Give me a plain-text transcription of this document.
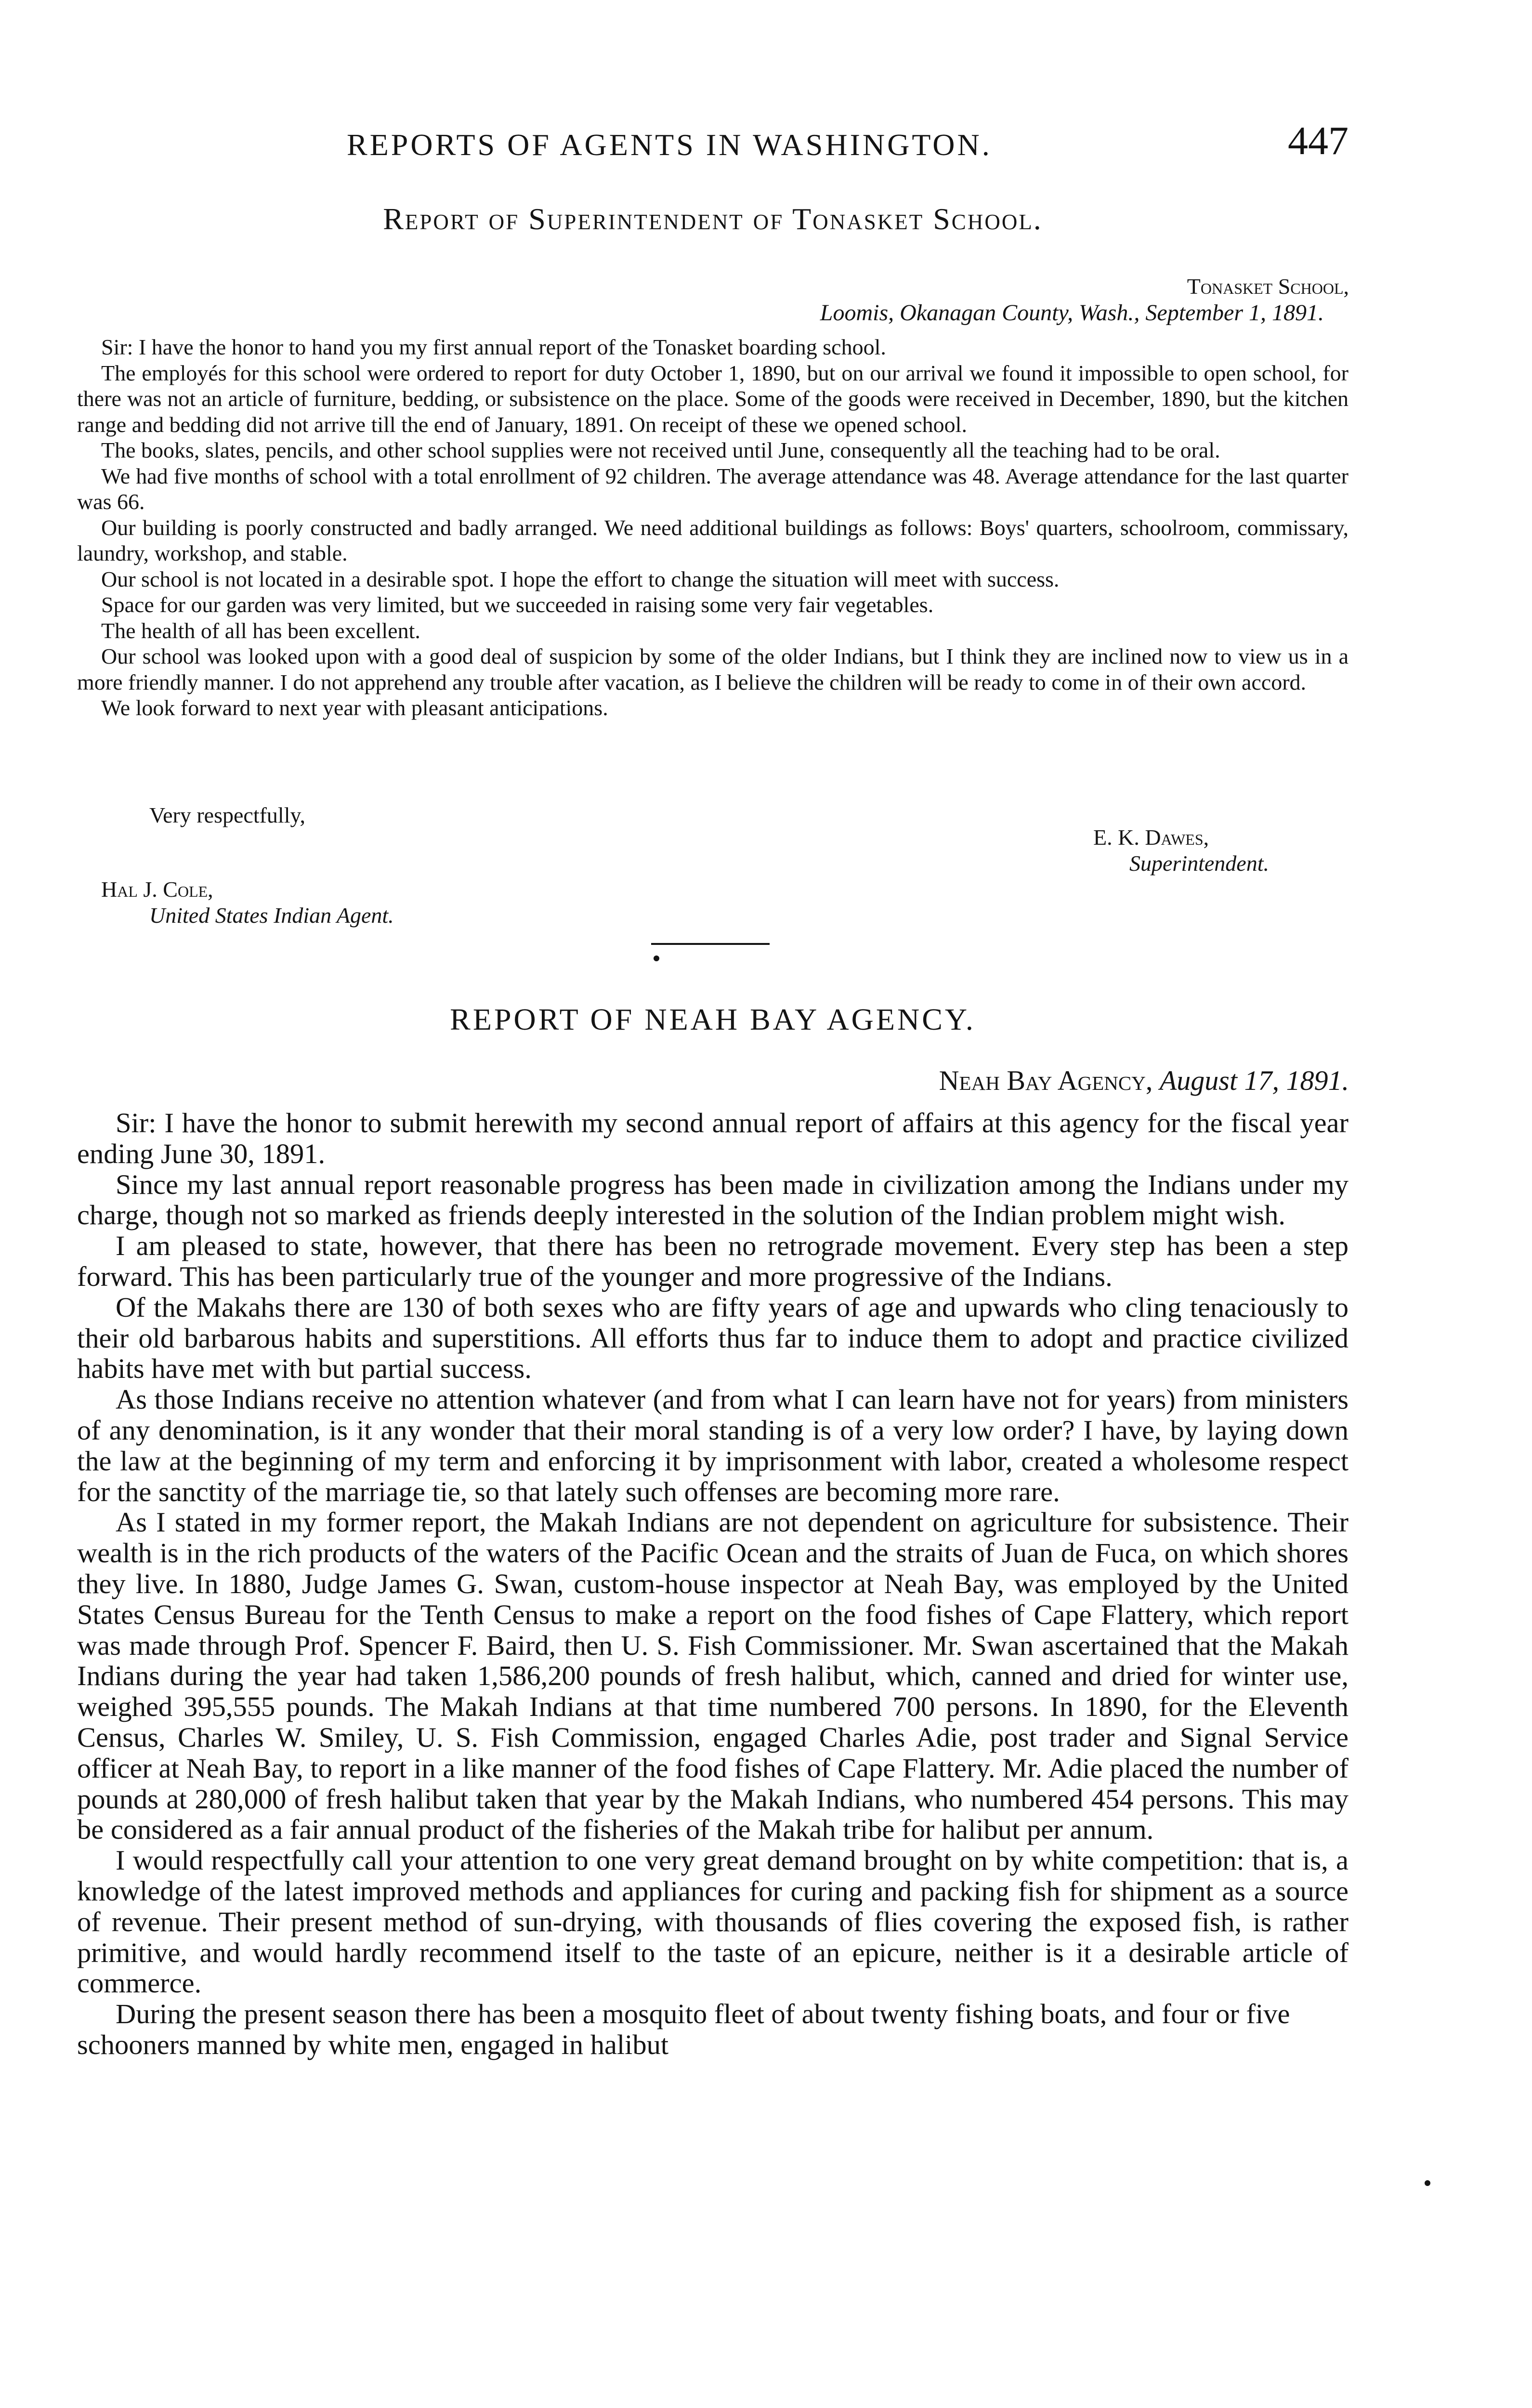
REPORTS OF AGENTS IN WASHINGTON.	447
Report of Superintendent of Tonasket School.
Tonasket School,
Loomis, Okanagan County, Wash., September 1, 1891.

Sir: I have the honor to hand you my first annual report of the Tonasket boarding school.

The employés for this school were ordered to report for duty October 1, 1890, but on our arrival we found it impossible to open school, for there was not an article of furniture, bedding, or subsistence on the place. Some of the goods were received in December, 1890, but the kitchen range and bedding did not arrive till the end of January, 1891. On receipt of these we opened school.

The books, slates, pencils, and other school supplies were not received until June, consequently all the teaching had to be oral.

We had five months of school with a total enrollment of 92 children. The average attendance was 48. Average attendance for the last quarter was 66.

Our building is poorly constructed and badly arranged. We need additional buildings as follows: Boys' quarters, schoolroom, commissary, laundry, workshop, and stable.

Our school is not located in a desirable spot. I hope the effort to change the situation will meet with success.

Space for our garden was very limited, but we succeeded in raising some very fair vegetables.

The health of all has been excellent.

Our school was looked upon with a good deal of suspicion by some of the older Indians, but I think they are inclined now to view us in a more friendly manner. I do not apprehend any trouble after vacation, as I believe the children will be ready to come in of their own accord.

We look forward to next year with pleasant anticipations.

Very respectfully,
E. K. Dawes,
Superintendent.
Hal J. Cole,
United States Indian Agent.
REPORT OF NEAH BAY AGENCY.
Neah Bay Agency, August 17, 1891.

Sir: I have the honor to submit herewith my second annual report of affairs at this agency for the fiscal year ending June 30, 1891.

Since my last annual report reasonable progress has been made in civilization among the Indians under my charge, though not so marked as friends deeply interested in the solution of the Indian problem might wish.

I am pleased to state, however, that there has been no retrograde movement. Every step has been a step forward. This has been particularly true of the younger and more progressive of the Indians.

Of the Makahs there are 130 of both sexes who are fifty years of age and upwards who cling tenaciously to their old barbarous habits and superstitions. All efforts thus far to induce them to adopt and practice civilized habits have met with but partial success.

As those Indians receive no attention whatever (and from what I can learn have not for years) from ministers of any denomination, is it any wonder that their moral standing is of a very low order? I have, by laying down the law at the beginning of my term and enforcing it by imprisonment with labor, created a wholesome respect for the sanctity of the marriage tie, so that lately such offenses are becoming more rare.

As I stated in my former report, the Makah Indians are not dependent on agriculture for subsistence. Their wealth is in the rich products of the waters of the Pacific Ocean and the straits of Juan de Fuca, on which shores they live. In 1880, Judge James G. Swan, custom-house inspector at Neah Bay, was employed by the United States Census Bureau for the Tenth Census to make a report on the food fishes of Cape Flattery, which report was made through Prof. Spencer F. Baird, then U. S. Fish Commissioner. Mr. Swan ascertained that the Makah Indians during the year had taken 1,586,200 pounds of fresh halibut, which, canned and dried for winter use, weighed 395,555 pounds. The Makah Indians at that time numbered 700 persons. In 1890, for the Eleventh Census, Charles W. Smiley, U. S. Fish Commission, engaged Charles Adie, post trader and Signal Service officer at Neah Bay, to report in a like manner of the food fishes of Cape Flattery. Mr. Adie placed the number of pounds at 280,000 of fresh halibut taken that year by the Makah Indians, who numbered 454 persons. This may be considered as a fair annual product of the fisheries of the Makah tribe for halibut per annum.

I would respectfully call your attention to one very great demand brought on by white competition: that is, a knowledge of the latest improved methods and appliances for curing and packing fish for shipment as a source of revenue. Their present method of sun-drying, with thousands of flies covering the exposed fish, is rather primitive, and would hardly recommend itself to the taste of an epicure, neither is it a desirable article of commerce.

During the present season there has been a mosquito fleet of about twenty fishing boats, and four or five schooners manned by white men, engaged in halibut
